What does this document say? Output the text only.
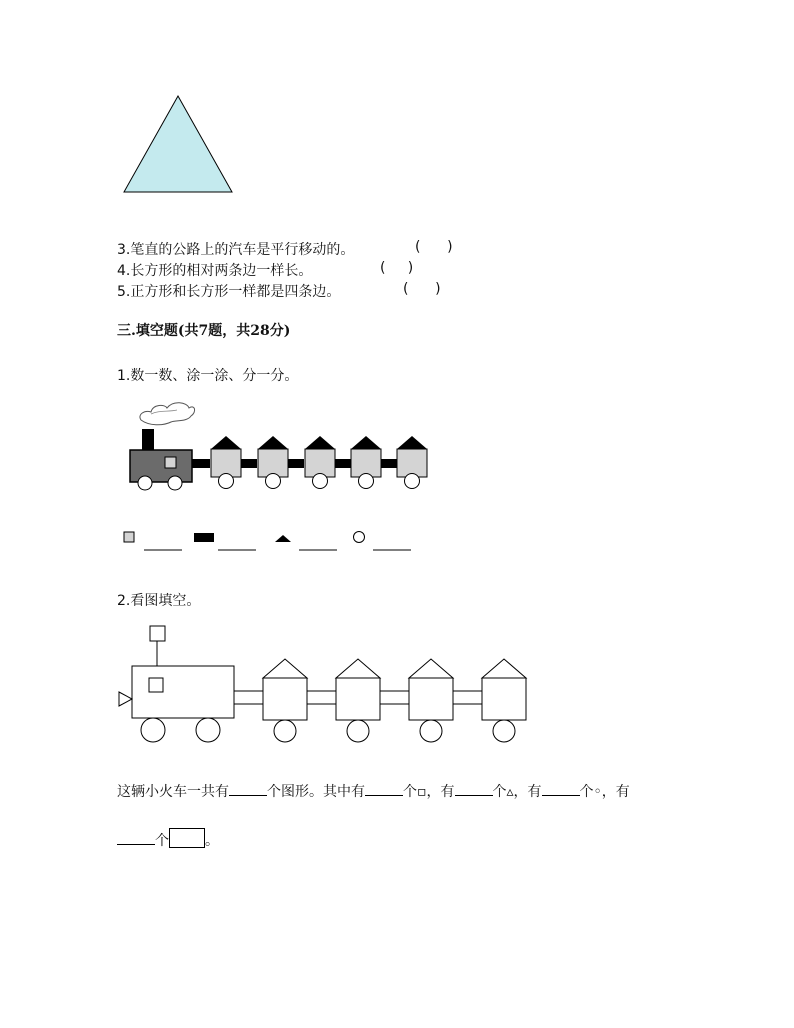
3.笔直的公路上的汽车是平行移动的。	(      )
4.长方形的相对两条边一样长。	(     )
5.正方形和长方形一样都是四条边。	(      )
三.填空题(共7题，共28分)
1.数一数、涂一涂、分一分。
2.看图填空。
这辆小火车一共有	个图形。其中有	个▫，有	个▵，有	个◦，有
个	。
